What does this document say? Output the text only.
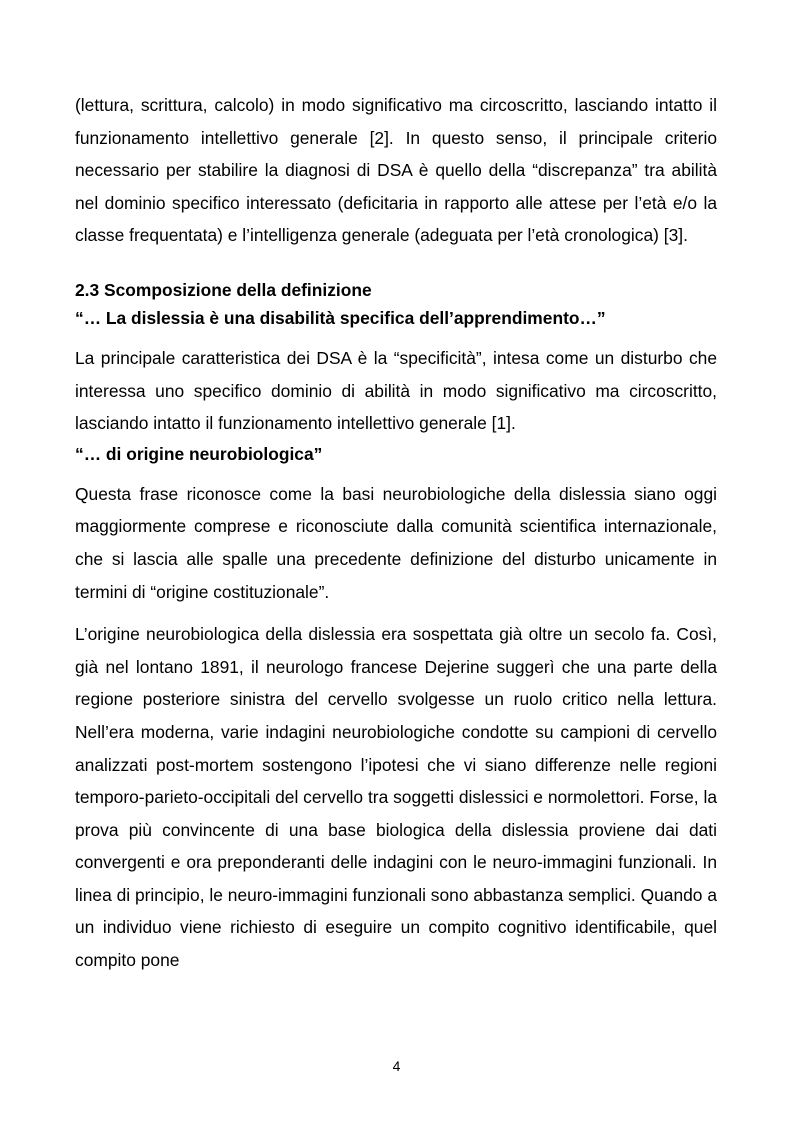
(lettura, scrittura, calcolo) in modo significativo ma circoscritto, lasciando intatto il funzionamento intellettivo generale [2]. In questo senso, il principale criterio necessario per stabilire la diagnosi di DSA è quello della “discrepanza” tra abilità nel dominio specifico interessato (deficitaria in rapporto alle attese per l’età e/o la classe frequentata) e l’intelligenza generale (adeguata per l’età cronologica) [3].

2.3 Scomposizione della definizione

“… La dislessia è una disabilità specifica dell’apprendimento…”

La principale caratteristica dei DSA è la “specificità”, intesa come un disturbo che interessa uno specifico dominio di abilità in modo significativo ma circoscritto, lasciando intatto il funzionamento intellettivo generale [1].

“… di origine neurobiologica”

Questa frase riconosce come la basi neurobiologiche della dislessia siano oggi maggiormente comprese e riconosciute dalla comunità scientifica internazionale, che si lascia alle spalle una precedente definizione del disturbo unicamente in termini di “origine costituzionale”.

L’origine neurobiologica della dislessia era sospettata già oltre un secolo fa. Così, già nel lontano 1891, il neurologo francese Dejerine suggerì che una parte della regione posteriore sinistra del cervello svolgesse un ruolo critico nella lettura. Nell’era moderna, varie indagini neurobiologiche condotte su campioni di cervello analizzati post-mortem sostengono l’ipotesi che vi siano differenze nelle regioni temporo-parieto-occipitali del cervello tra soggetti dislessici e normolettori. Forse, la prova più convincente di una base biologica della dislessia proviene dai dati convergenti e ora preponderanti delle indagini con le neuro-immagini funzionali. In linea di principio, le neuro-immagini funzionali sono abbastanza semplici. Quando a un individuo viene richiesto di eseguire un compito cognitivo identificabile, quel compito pone

4
